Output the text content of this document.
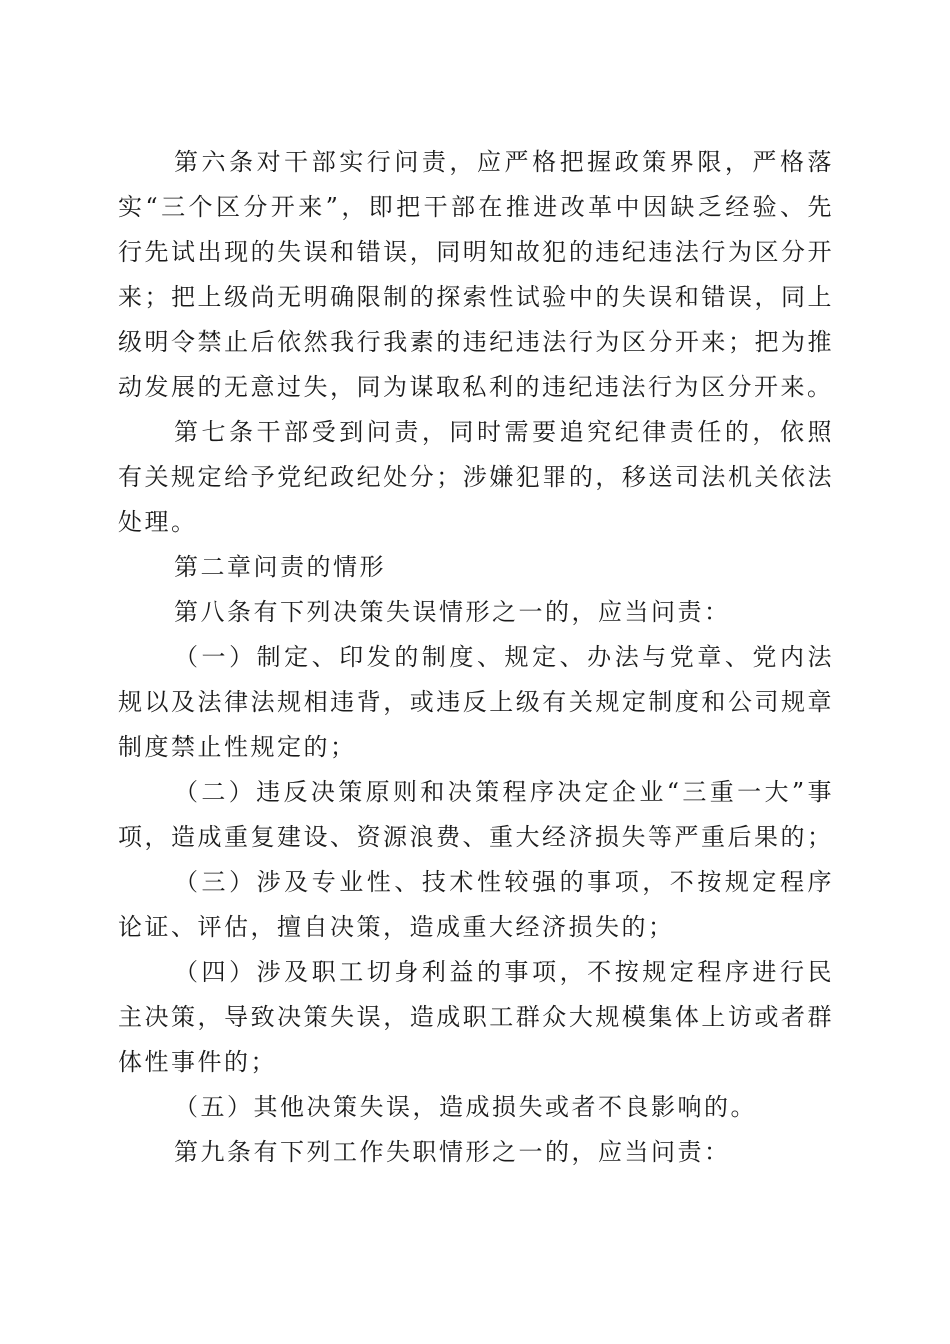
第六条对干部实行问责，应严格把握政策界限，严格落实“三个区分开来”，即把干部在推进改革中因缺乏经验、先行先试出现的失误和错误，同明知故犯的违纪违法行为区分开来；把上级尚无明确限制的探索性试验中的失误和错误，同上级明令禁止后依然我行我素的违纪违法行为区分开来；把为推动发展的无意过失，同为谋取私利的违纪违法行为区分开来。

第七条干部受到问责，同时需要追究纪律责任的，依照有关规定给予党纪政纪处分；涉嫌犯罪的，移送司法机关依法处理。

第二章问责的情形

第八条有下列决策失误情形之一的，应当问责：

（一）制定、印发的制度、规定、办法与党章、党内法规以及法律法规相违背，或违反上级有关规定制度和公司规章制度禁止性规定的；

（二）违反决策原则和决策程序决定企业“三重一大”事项，造成重复建设、资源浪费、重大经济损失等严重后果的；

（三）涉及专业性、技术性较强的事项，不按规定程序论证、评估，擅自决策，造成重大经济损失的；

（四）涉及职工切身利益的事项，不按规定程序进行民主决策，导致决策失误，造成职工群众大规模集体上访或者群体性事件的；

（五）其他决策失误，造成损失或者不良影响的。

第九条有下列工作失职情形之一的，应当问责：
